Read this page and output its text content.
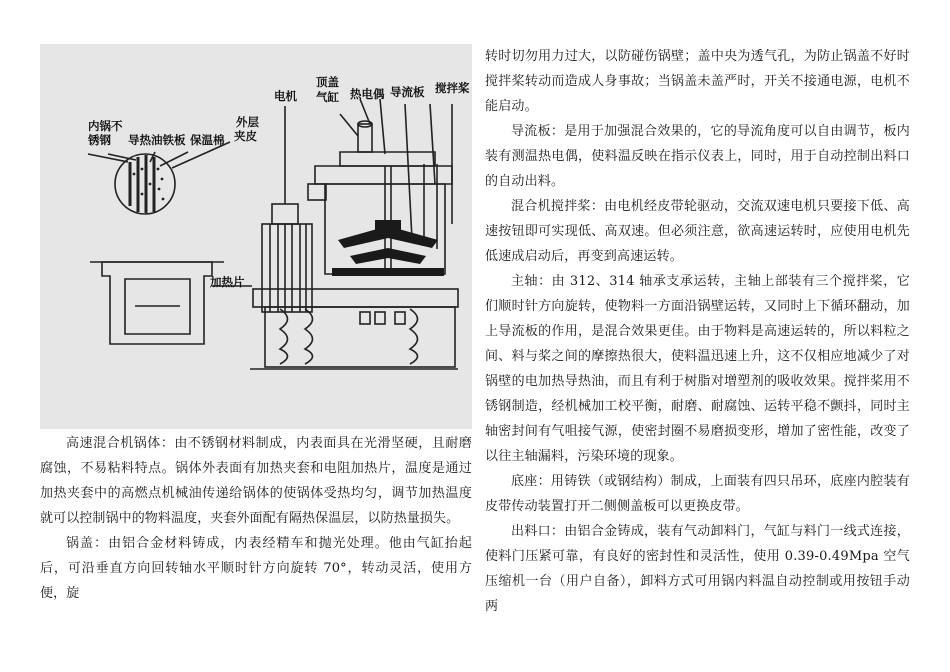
内锅不
锈钢 导热油铁板 保温棉
外层
夹皮
电机
顶盖
气缸 热电偶 导流板 搅拌桨
加热片

高速混合机锅体：由不锈钢材料制成，内表面具在光滑坚硬，且耐磨腐蚀，不易粘料特点。锅体外表面有加热夹套和电阻加热片，温度是通过加热夹套中的高燃点机械油传递给锅体的使锅体受热均匀，调节加热温度就可以控制锅中的物料温度，夹套外面配有隔热保温层，以防热量损失。

锅盖：由铝合金材料铸成，内表经精车和抛光处理。他由气缸抬起后，可沿垂直方向回转轴水平顺时针方向旋转 70°，转动灵活，使用方便，旋

转时切勿用力过大，以防碰伤锅壁；盖中央为透气孔，为防止锅盖不好时搅拌桨转动而造成人身事故；当锅盖未盖严时，开关不接通电源，电机不能启动。

导流板：是用于加强混合效果的，它的导流角度可以自由调节，板内装有测温热电偶，使料温反映在指示仪表上，同时，用于自动控制出料口的自动出料。

混合机搅拌桨：由电机经皮带轮驱动，交流双速电机只要接下低、高速按钮即可实现低、高双速。但必须注意，欲高速运转时，应使用电机先低速成启动后，再变到高速运转。

主轴：由 312、314 轴承支承运转，主轴上部装有三个搅拌桨，它们顺时针方向旋转，使物料一方面沿锅壁运转，又同时上下循环翻动，加上导流板的作用，是混合效果更佳。由于物料是高速运转的，所以料粒之间、料与桨之间的摩擦热很大，使料温迅速上升，这不仅相应地减少了对锅壁的电加热导热油，而且有利于树脂对增塑剂的吸收效果。搅拌桨用不锈钢制造，经机械加工校平衡，耐磨、耐腐蚀、运转平稳不颤抖，同时主轴密封间有气咀接气源，使密封圈不易磨损变形，增加了密性能，改变了以往主轴漏料，污染环境的现象。

底座：用铸铁（或钢结构）制成，上面装有四只吊环，底座内腔装有皮带传动装置打开二侧侧盖板可以更换皮带。

出料口：由铝合金铸成，装有气动卸料门，气缸与料门一线式连接，使料门压紧可靠，有良好的密封性和灵活性，使用 0.39-0.49Mpa 空气压缩机一台（用户自备），卸料方式可用锅内料温自动控制或用按钮手动两
